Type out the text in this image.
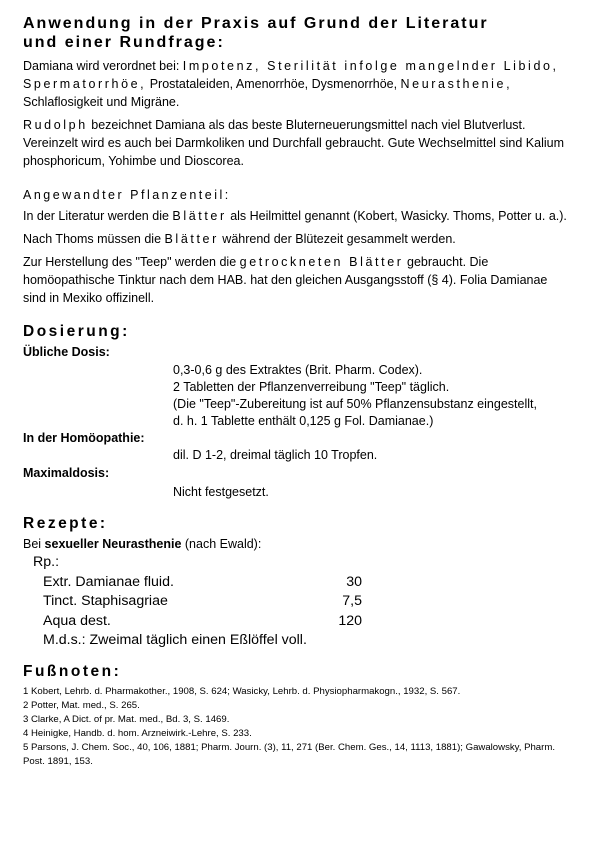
Anwendung in der Praxis auf Grund der Literatur
und einer Rundfrage:

Damiana wird verordnet bei: Impotenz, Sterilität infolge mangelnder Libido, Spermatorrhöe, Prostataleiden, Amenorrhöe, Dysmenorrhöe, Neurasthenie, Schlaflosigkeit und Migräne.

Rudolph bezeichnet Damiana als das beste Bluterneuerungsmittel nach viel Blutverlust. Vereinzelt wird es auch bei Darmkoliken und Durchfall gebraucht. Gute Wechselmittel sind Kalium phosphoricum, Yohimbe und Dioscorea.

Angewandter Pflanzenteil:

In der Literatur werden die Blätter als Heilmittel genannt (Kobert, Wasicky. Thoms, Potter u. a.).

Nach Thoms müssen die Blätter während der Blütezeit gesammelt werden.

Zur Herstellung des "Teep" werden die getrockneten Blätter gebraucht. Die homöopathische Tinktur nach dem HAB. hat den gleichen Ausgangsstoff (§ 4). Folia Damianae sind in Mexiko offizinell.

Dosierung:
Übliche Dosis:
0,3-0,6 g des Extraktes (Brit. Pharm. Codex).
2 Tabletten der Pflanzenverreibung "Teep" täglich.
(Die "Teep"-Zubereitung ist auf 50% Pflanzensubstanz eingestellt,
d. h. 1 Tablette enthält 0,125 g Fol. Damianae.)
In der Homöopathie:
dil. D 1-2, dreimal täglich 10 Tropfen.
Maximaldosis:
Nicht festgesetzt.
Rezepte:

Bei sexueller Neurasthenie (nach Ewald):

Rp.:
Extr. Damianae fluid.	30
Tinct. Staphisagriae	7,5
Aqua dest.	120
M.d.s.: Zweimal täglich einen Eßlöffel voll.
Fußnoten:
1 Kobert, Lehrb. d. Pharmakother., 1908, S. 624; Wasicky, Lehrb. d. Physiopharmakogn., 1932, S. 567.
2 Potter, Mat. med., S. 265.
3 Clarke, A Dict. of pr. Mat. med., Bd. 3, S. 1469.
4 Heinigke, Handb. d. hom. Arzneiwirk.-Lehre, S. 233.
5 Parsons, J. Chem. Soc., 40, 106, 1881; Pharm. Journ. (3), 11, 271 (Ber. Chem. Ges., 14, 1113, 1881); Gawalowsky, Pharm. Post. 1891, 153.
